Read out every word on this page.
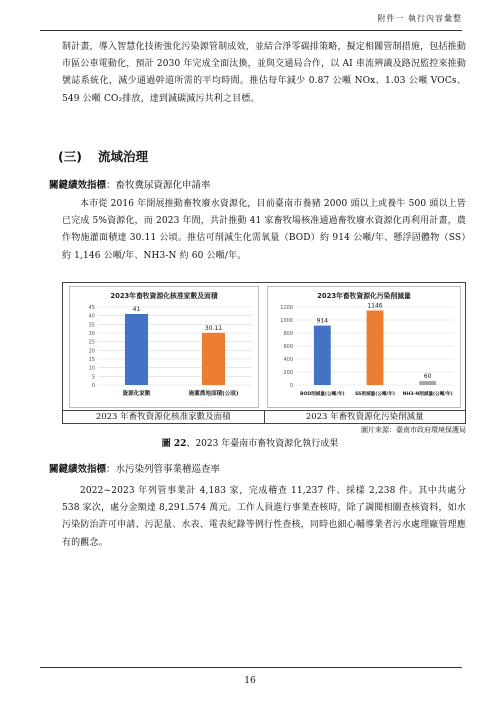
附件一 執行內容彙整

制計畫，導入智慧化技術強化污染源管制成效，並結合淨零碳排策略，擬定相關管制措施，包括推動市區公車電動化，預計 2030 年完成全面汰換，並與交通局合作，以 AI 車流辨識及路況監控來推動號誌系統化，減少通過幹道所需的平均時間。推估每年減少 0.87 公噸 NOx、1.03 公噸 VOCs、549 公噸 CO₂排放，達到減碳減污共利之目標。

(三) 流域治理
關鍵績效指標：畜牧糞尿資源化申請率

本市從 2016 年開展推動畜牧廢水資源化，目前臺南市養豬 2000 頭以上或養牛 500 頭以上皆已完成 5%資源化，而 2023 年間，共計推動 41 家畜牧場核准通過畜牧廢水資源化再利用計畫，農作物施灌面積達 30.11 公頃。推估可削減生化需氧量（BOD）約 914 公噸/年、懸浮固體物（SS）約 1,146 公噸/年、NH3-N 約 60 公噸/年。

2023年畜牧資源化核准家數及面積
0
5
10
15
20
25
30
35
40
45	41
資源化家數
30.11
施灌農地面積(公頃)
2023年畜牧資源化污染削減量
0
200
400
600
800
1000
1200
914
BOD削減量(公噸/年)
1146
SS削減量(公噸/年)
60
NH3-N削減量(公噸/年)
2023 年畜牧資源化核准家數及面積	2023 年畜牧資源化污染削減量
圖片來源：臺南市政府環境保護局
圖 22、2023 年臺南市畜牧資源化執行成果
關鍵績效指標：水污染列管事業稽巡查率

2022~2023 年列管事業計 4,183 家，完成稽查 11,237 件、採樣 2,238 件。其中共處分 538 家次，處分金額達 8,291.574 萬元。工作人員進行事業查核時，除了調閱相關查核資料，如水污染防治許可申請、污泥量、水表、電表紀錄等例行性查核，同時也細心輔導業者污水處理廠管理應有的觀念。

16
